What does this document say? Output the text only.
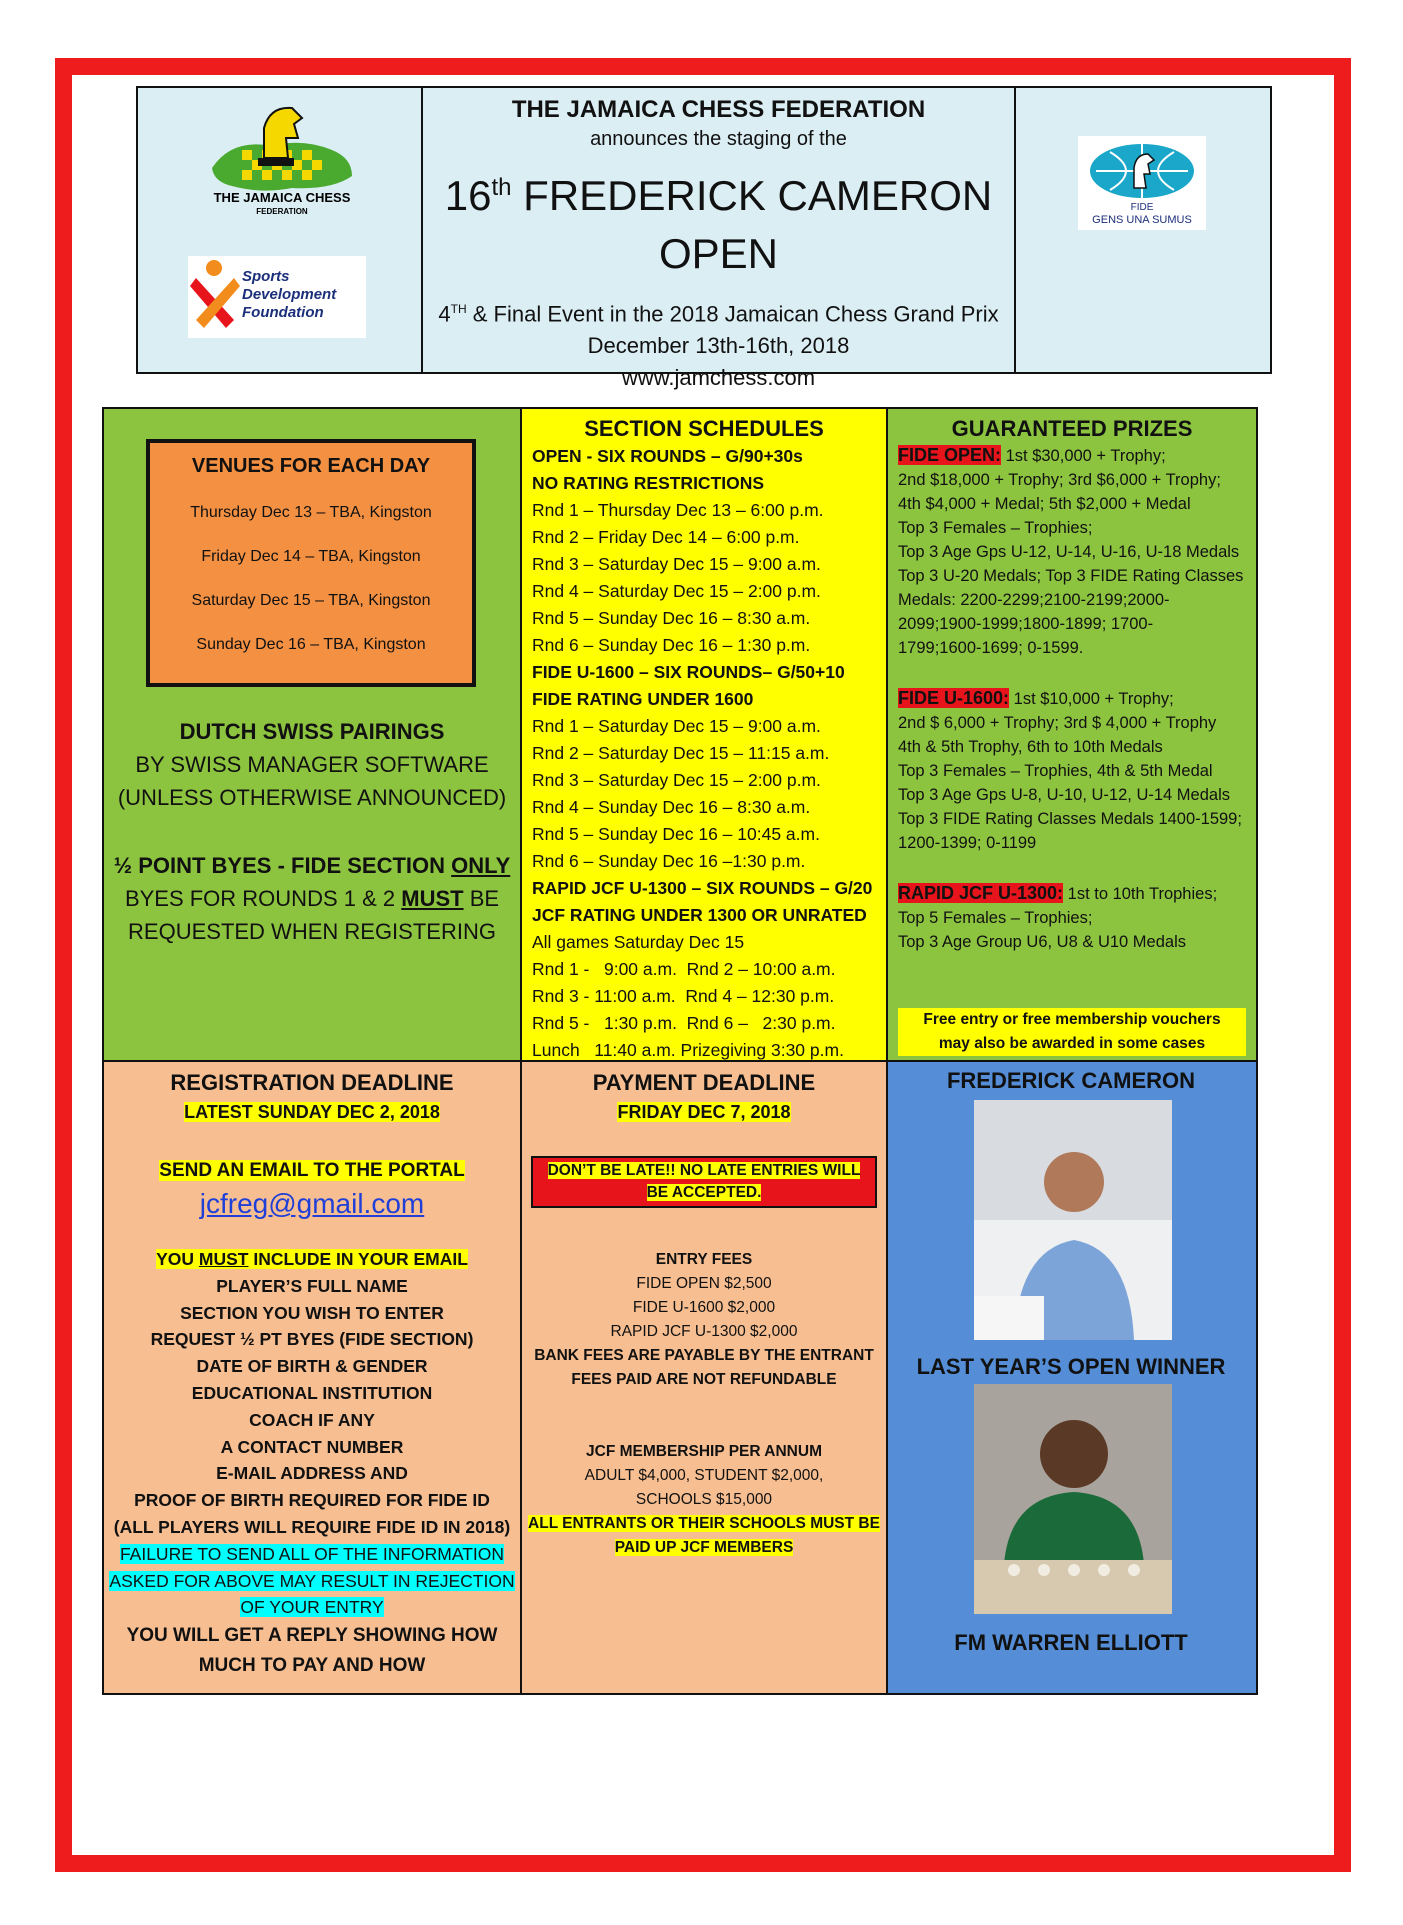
THE JAMAICA CHESS
FEDERATION
Sports
Development
Foundation
THE JAMAICA CHESS FEDERATION
announces the staging of the
16th FREDERICK CAMERON
OPEN
4TH & Final Event in the 2018 Jamaican Chess Grand Prix
December 13th-16th, 2018
www.jamchess.com
FIDE
GENS UNA SUMUS
VENUES FOR EACH DAY
Thursday Dec 13 – TBA, Kingston
Friday Dec 14 – TBA, Kingston
Saturday Dec 15 – TBA, Kingston
Sunday Dec 16 – TBA, Kingston
DUTCH SWISS PAIRINGS
BY SWISS MANAGER SOFTWARE
(UNLESS OTHERWISE ANNOUNCED)
½ POINT BYES - FIDE SECTION ONLY
BYES FOR ROUNDS 1 & 2 MUST BE
REQUESTED WHEN REGISTERING
SECTION SCHEDULES
OPEN - SIX ROUNDS – G/90+30s
NO RATING RESTRICTIONS
Rnd 1 – Thursday Dec 13 – 6:00 p.m.
Rnd 2 – Friday Dec 14 – 6:00 p.m.
Rnd 3 – Saturday Dec 15 – 9:00 a.m.
Rnd 4 – Saturday Dec 15 – 2:00 p.m.
Rnd 5 – Sunday Dec 16 – 8:30 a.m.
Rnd 6 – Sunday Dec 16 – 1:30 p.m.
FIDE U-1600 – SIX ROUNDS– G/50+10
FIDE RATING UNDER 1600
Rnd 1 – Saturday Dec 15 – 9:00 a.m.
Rnd 2 – Saturday Dec 15 – 11:15 a.m.
Rnd 3 – Saturday Dec 15 – 2:00 p.m.
Rnd 4 – Sunday Dec 16 – 8:30 a.m.
Rnd 5 – Sunday Dec 16 – 10:45 a.m.
Rnd 6 – Sunday Dec 16 –1:30 p.m.
RAPID JCF U-1300 – SIX ROUNDS – G/20
JCF RATING UNDER 1300 OR UNRATED
All games Saturday Dec 15
Rnd 1 -   9:00 a.m.  Rnd 2 – 10:00 a.m.
Rnd 3 - 11:00 a.m.  Rnd 4 – 12:30 p.m.
Rnd 5 -   1:30 p.m.  Rnd 6 –   2:30 p.m.
Lunch   11:40 a.m. Prizegiving 3:30 p.m.
GUARANTEED PRIZES
FIDE OPEN: 1st $30,000 + Trophy;
2nd $18,000 + Trophy; 3rd $6,000 + Trophy;
4th $4,000 + Medal; 5th $2,000 + Medal
Top 3 Females – Trophies;
Top 3 Age Gps U-12, U-14, U-16, U-18 Medals
Top 3 U-20 Medals; Top 3 FIDE Rating Classes
Medals: 2200-2299;2100-2199;2000-
2099;1900-1999;1800-1899; 1700-
1799;1600-1699; 0-1599.
FIDE U-1600: 1st $10,000 + Trophy;
2nd $ 6,000 + Trophy; 3rd $ 4,000 + Trophy
4th & 5th Trophy, 6th to 10th Medals
Top 3 Females – Trophies, 4th & 5th Medal
Top 3 Age Gps U-8, U-10, U-12, U-14 Medals
Top 3 FIDE Rating Classes Medals 1400-1599;
1200-1399; 0-1199
RAPID JCF U-1300: 1st to 10th Trophies;
Top 5 Females – Trophies;
Top 3 Age Group U6, U8 & U10 Medals
Free entry or free membership vouchers
may also be awarded in some cases
REGISTRATION DEADLINE
LATEST SUNDAY DEC 2, 2018
SEND AN EMAIL TO THE PORTAL
jcfreg@gmail.com
YOU MUST INCLUDE IN YOUR EMAIL
PLAYER’S FULL NAME
SECTION YOU WISH TO ENTER
REQUEST ½ PT BYES (FIDE SECTION)
DATE OF BIRTH & GENDER
EDUCATIONAL INSTITUTION
COACH IF ANY
A CONTACT NUMBER
E-MAIL ADDRESS AND
PROOF OF BIRTH REQUIRED FOR FIDE ID
(ALL PLAYERS WILL REQUIRE FIDE ID IN 2018)
FAILURE TO SEND ALL OF THE INFORMATION
ASKED FOR ABOVE MAY RESULT IN REJECTION
OF YOUR ENTRY
YOU WILL GET A REPLY SHOWING HOW
MUCH TO PAY AND HOW
PAYMENT DEADLINE
FRIDAY DEC 7, 2018
DON’T BE LATE!! NO LATE ENTRIES WILL
BE ACCEPTED.
ENTRY FEES
FIDE OPEN $2,500
FIDE U-1600 $2,000
RAPID JCF U-1300 $2,000
BANK FEES ARE PAYABLE BY THE ENTRANT
FEES PAID ARE NOT REFUNDABLE
JCF MEMBERSHIP PER ANNUM
ADULT $4,000, STUDENT $2,000,
SCHOOLS $15,000
ALL ENTRANTS OR THEIR SCHOOLS MUST BE
PAID UP JCF MEMBERS
FREDERICK CAMERON
LAST YEAR’S OPEN WINNER
FM WARREN ELLIOTT
